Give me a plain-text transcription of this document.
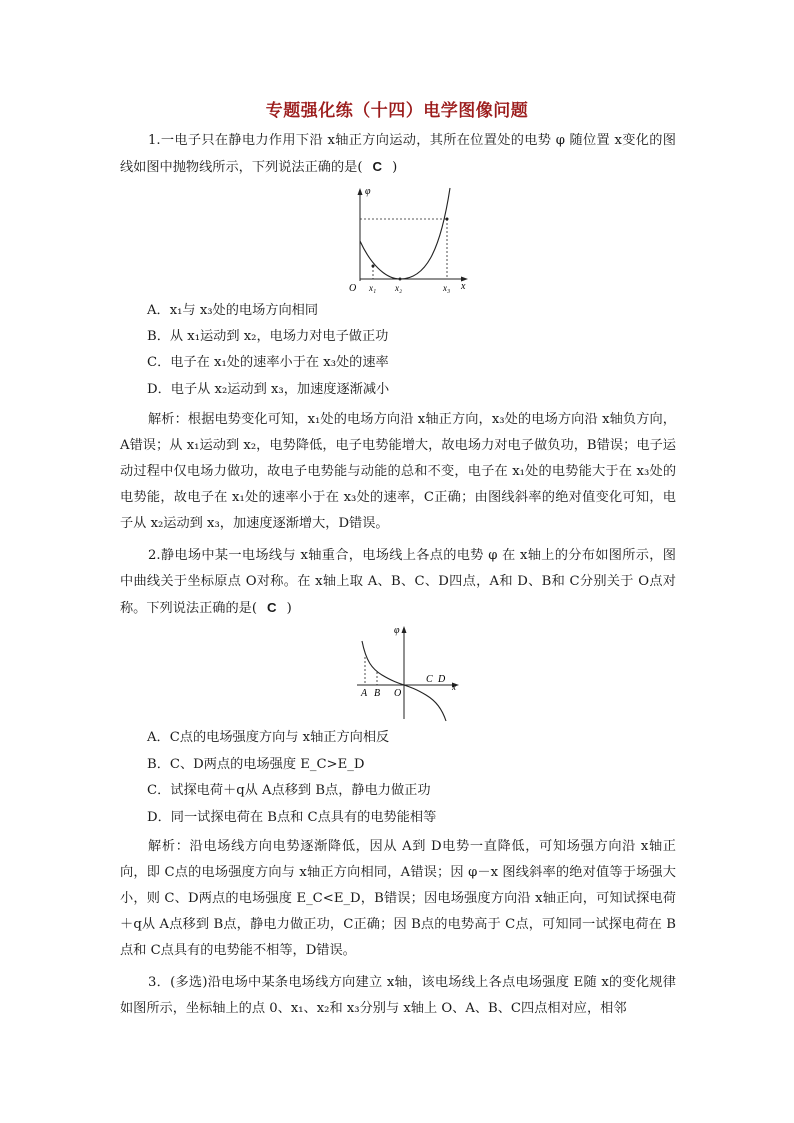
专题强化练（十四）电学图像问题
1.一电子只在静电力作用下沿 x轴正方向运动，其所在位置处的电势 φ 随位置 x变化的图线如图中抛物线所示，下列说法正确的是( C )
φ
x
O x₁ x₂	x₃
A．x₁与 x₃处的电场方向相同
B．从 x₁运动到 x₂，电场力对电子做正功
C．电子在 x₁处的速率小于在 x₃处的速率
D．电子从 x₂运动到 x₃，加速度逐渐减小
解析：根据电势变化可知，x₁处的电场方向沿 x轴正方向，x₃处的电场方向沿 x轴负方向，A错误；从 x₁运动到 x₂，电势降低，电子电势能增大，故电场力对电子做负功，B错误；电子运动过程中仅电场力做功，故电子电势能与动能的总和不变，电子在 x₁处的电势能大于在 x₃处的电势能，故电子在 x₁处的速率小于在 x₃处的速率，C正确；由图线斜率的绝对值变化可知，电子从 x₂运动到 x₃，加速度逐渐增大，D错误。
2.静电场中某一电场线与 x轴重合，电场线上各点的电势 φ 在 x轴上的分布如图所示，图中曲线关于坐标原点 O对称。在 x轴上取 A、B、C、D四点，A和 D、B和 C分别关于 O点对称。下列说法正确的是( C )
φ
x
O
A B
C D
A．C点的电场强度方向与 x轴正方向相反
B．C、D两点的电场强度 E_C>E_D
C．试探电荷＋q从 A点移到 B点，静电力做正功
D．同一试探电荷在 B点和 C点具有的电势能相等
解析：沿电场线方向电势逐渐降低，因从 A到 D电势一直降低，可知场强方向沿 x轴正向，即 C点的电场强度方向与 x轴正方向相同，A错误；因 φ－x 图线斜率的绝对值等于场强大小，则 C、D两点的电场强度 E_C<E_D，B错误；因电场强度方向沿 x轴正向，可知试探电荷＋q从 A点移到 B点，静电力做正功，C正确；因 B点的电势高于 C点，可知同一试探电荷在 B点和 C点具有的电势能不相等，D错误。
3．(多选)沿电场中某条电场线方向建立 x轴，该电场线上各点电场强度 E随 x的变化规律如图所示，坐标轴上的点 0、x₁、x₂和 x₃分别与 x轴上 O、A、B、C四点相对应，相邻
